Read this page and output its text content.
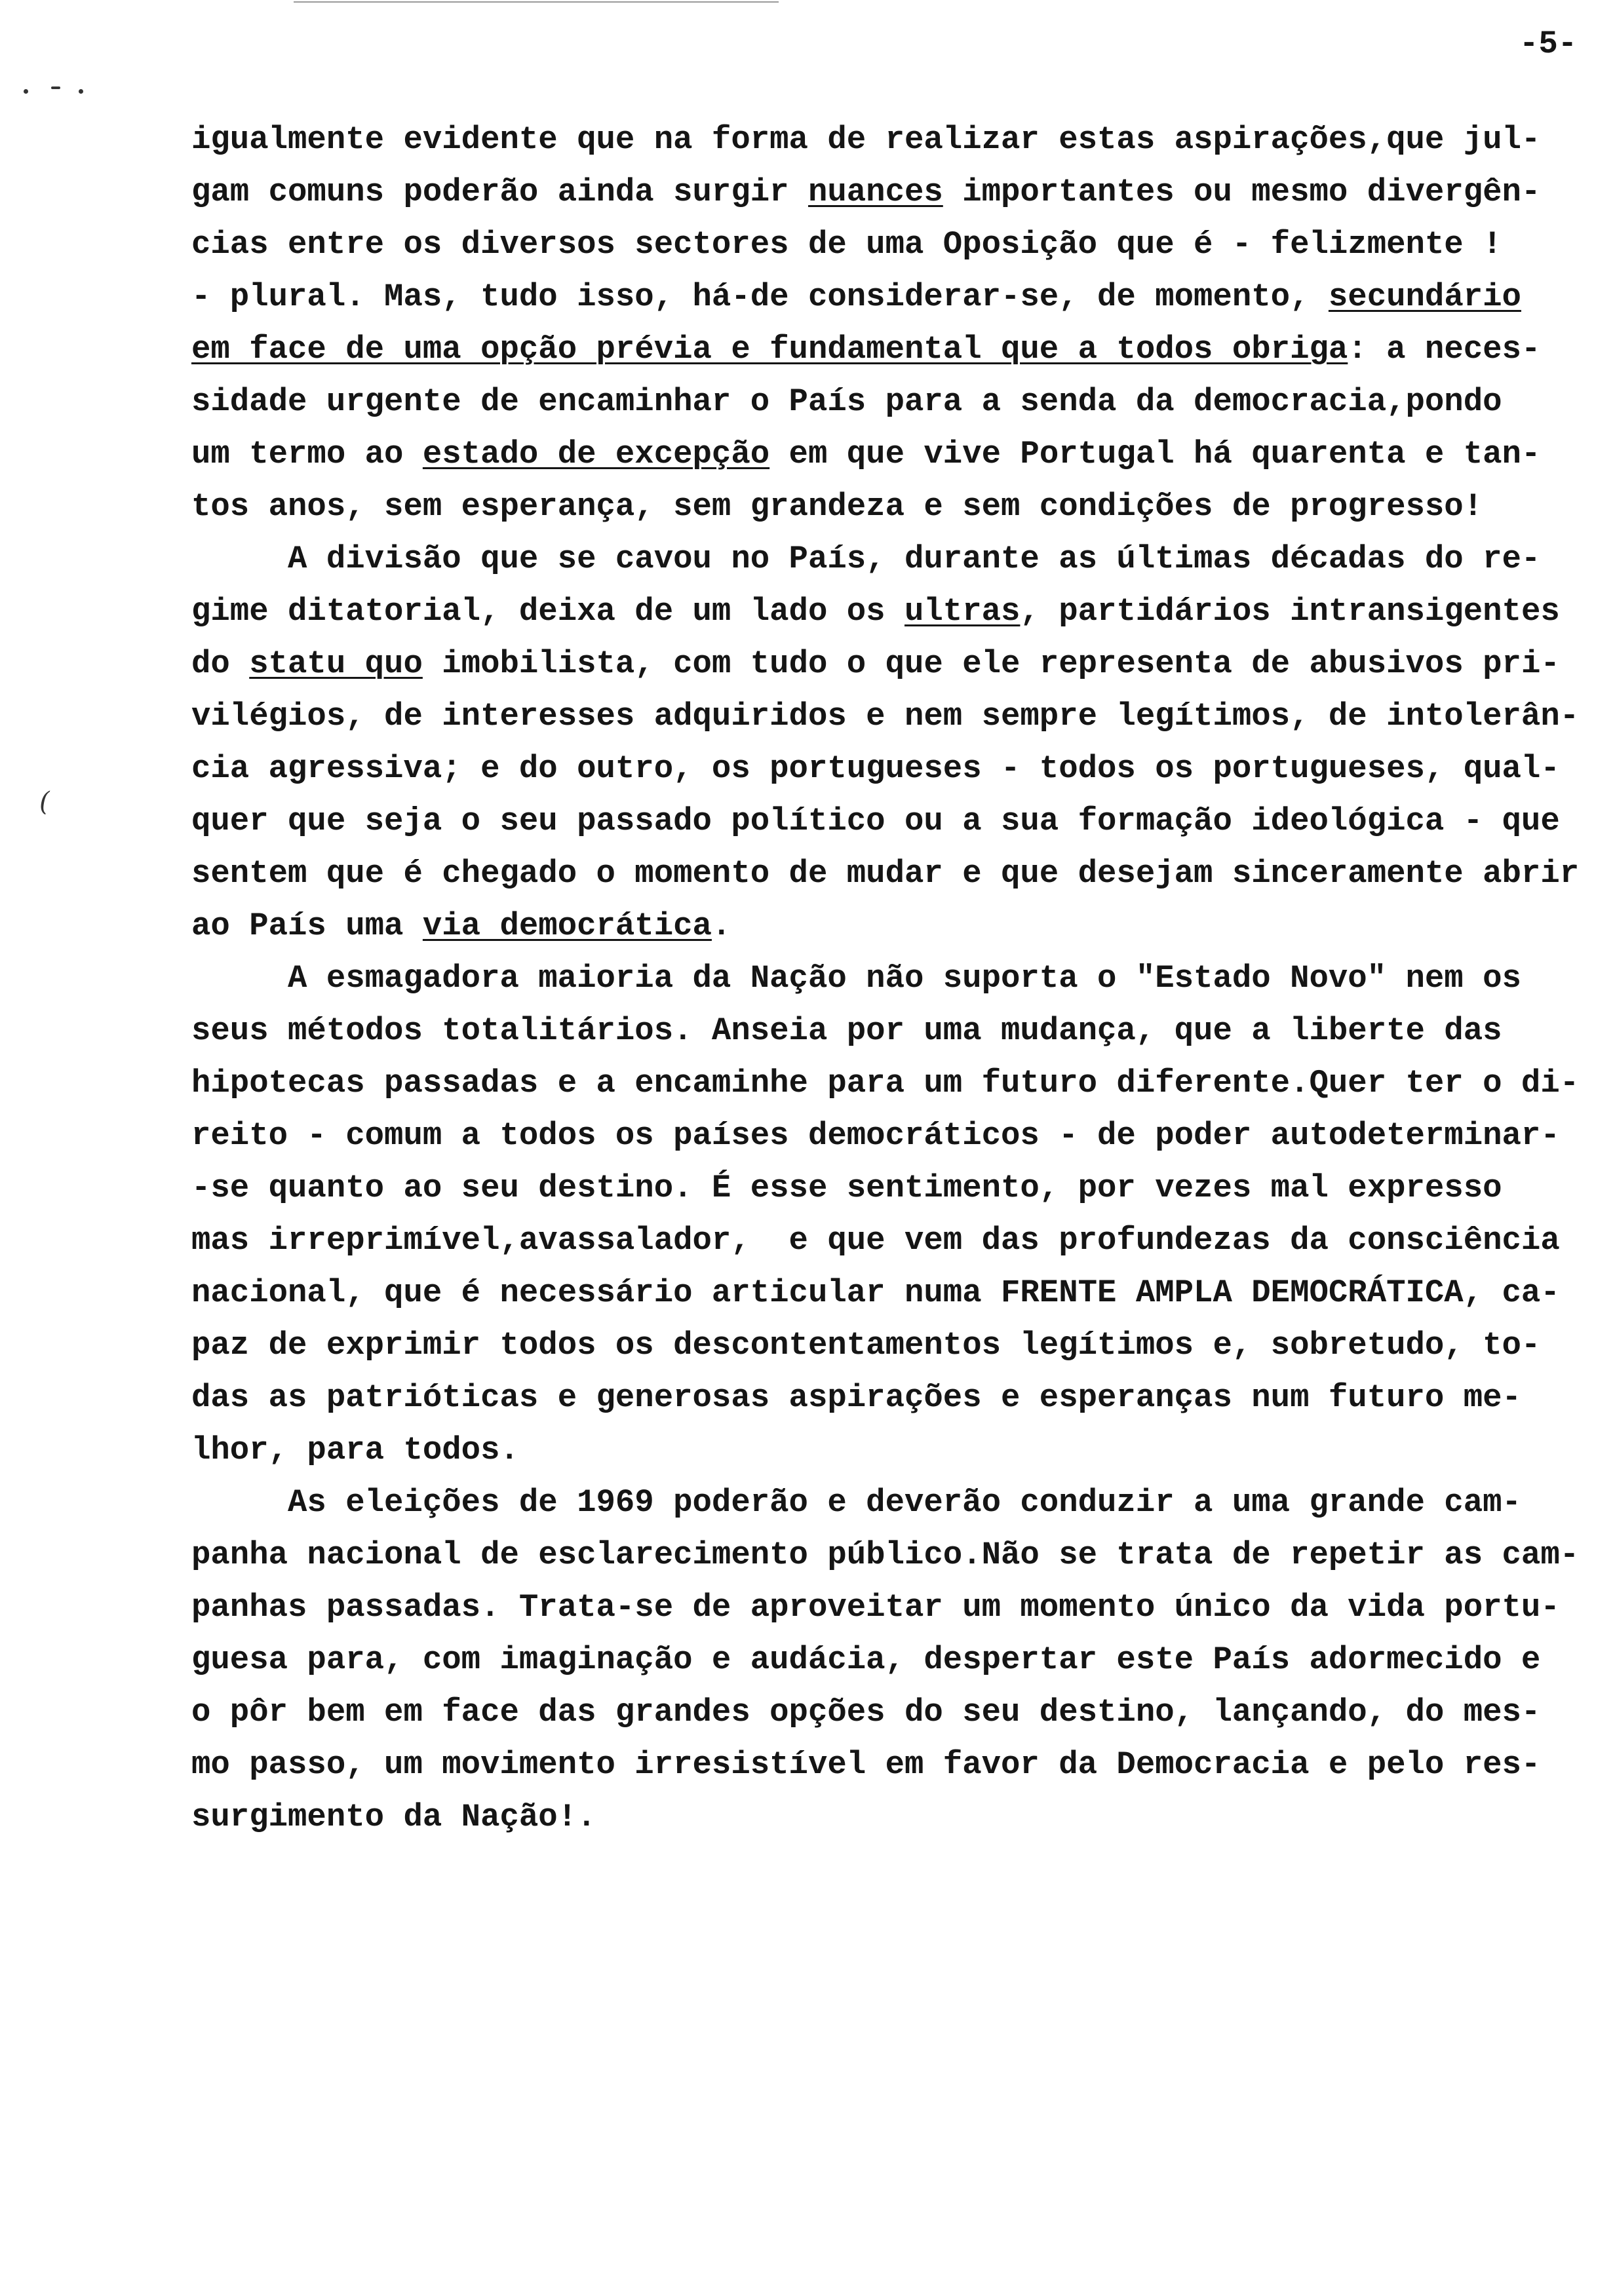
-5-
(
igualmente evidente que na forma de realizar estas aspirações,que jul-
gam comuns poderão ainda surgir nuances importantes ou mesmo divergên-
cias entre os diversos sectores de uma Oposição que é - felizmente !
- plural. Mas, tudo isso, há-de considerar-se, de momento, secundário
em face de uma opção prévia e fundamental que a todos obriga: a neces-
sidade urgente de encaminhar o País para a senda da democracia,pondo
um termo ao estado de excepção em que vive Portugal há quarenta e tan-
tos anos, sem esperança, sem grandeza e sem condições de progresso!
A divisão que se cavou no País, durante as últimas décadas do re-
gime ditatorial, deixa de um lado os ultras, partidários intransigentes
do statu quo imobilista, com tudo o que ele representa de abusivos pri-
vilégios, de interesses adquiridos e nem sempre legítimos, de intolerân-
cia agressiva; e do outro, os portugueses - todos os portugueses, qual-
quer que seja o seu passado político ou a sua formação ideológica - que
sentem que é chegado o momento de mudar e que desejam sinceramente abrir
ao País uma via democrática.
A esmagadora maioria da Nação não suporta o "Estado Novo" nem os
seus métodos totalitários. Anseia por uma mudança, que a liberte das
hipotecas passadas e a encaminhe para um futuro diferente.Quer ter o di-
reito - comum a todos os países democráticos - de poder autodeterminar-
-se quanto ao seu destino. É esse sentimento, por vezes mal expresso
mas irreprimível,avassalador,  e que vem das profundezas da consciência
nacional, que é necessário articular numa FRENTE AMPLA DEMOCRÁTICA, ca-
paz de exprimir todos os descontentamentos legítimos e, sobretudo, to-
das as patrióticas e generosas aspirações e esperanças num futuro me-
lhor, para todos.
As eleições de 1969 poderão e deverão conduzir a uma grande cam-
panha nacional de esclarecimento público.Não se trata de repetir as cam-
panhas passadas. Trata-se de aproveitar um momento único da vida portu-
guesa para, com imaginação e audácia, despertar este País adormecido e
o pôr bem em face das grandes opções do seu destino, lançando, do mes-
mo passo, um movimento irresistível em favor da Democracia e pelo res-
surgimento da Nação!.
